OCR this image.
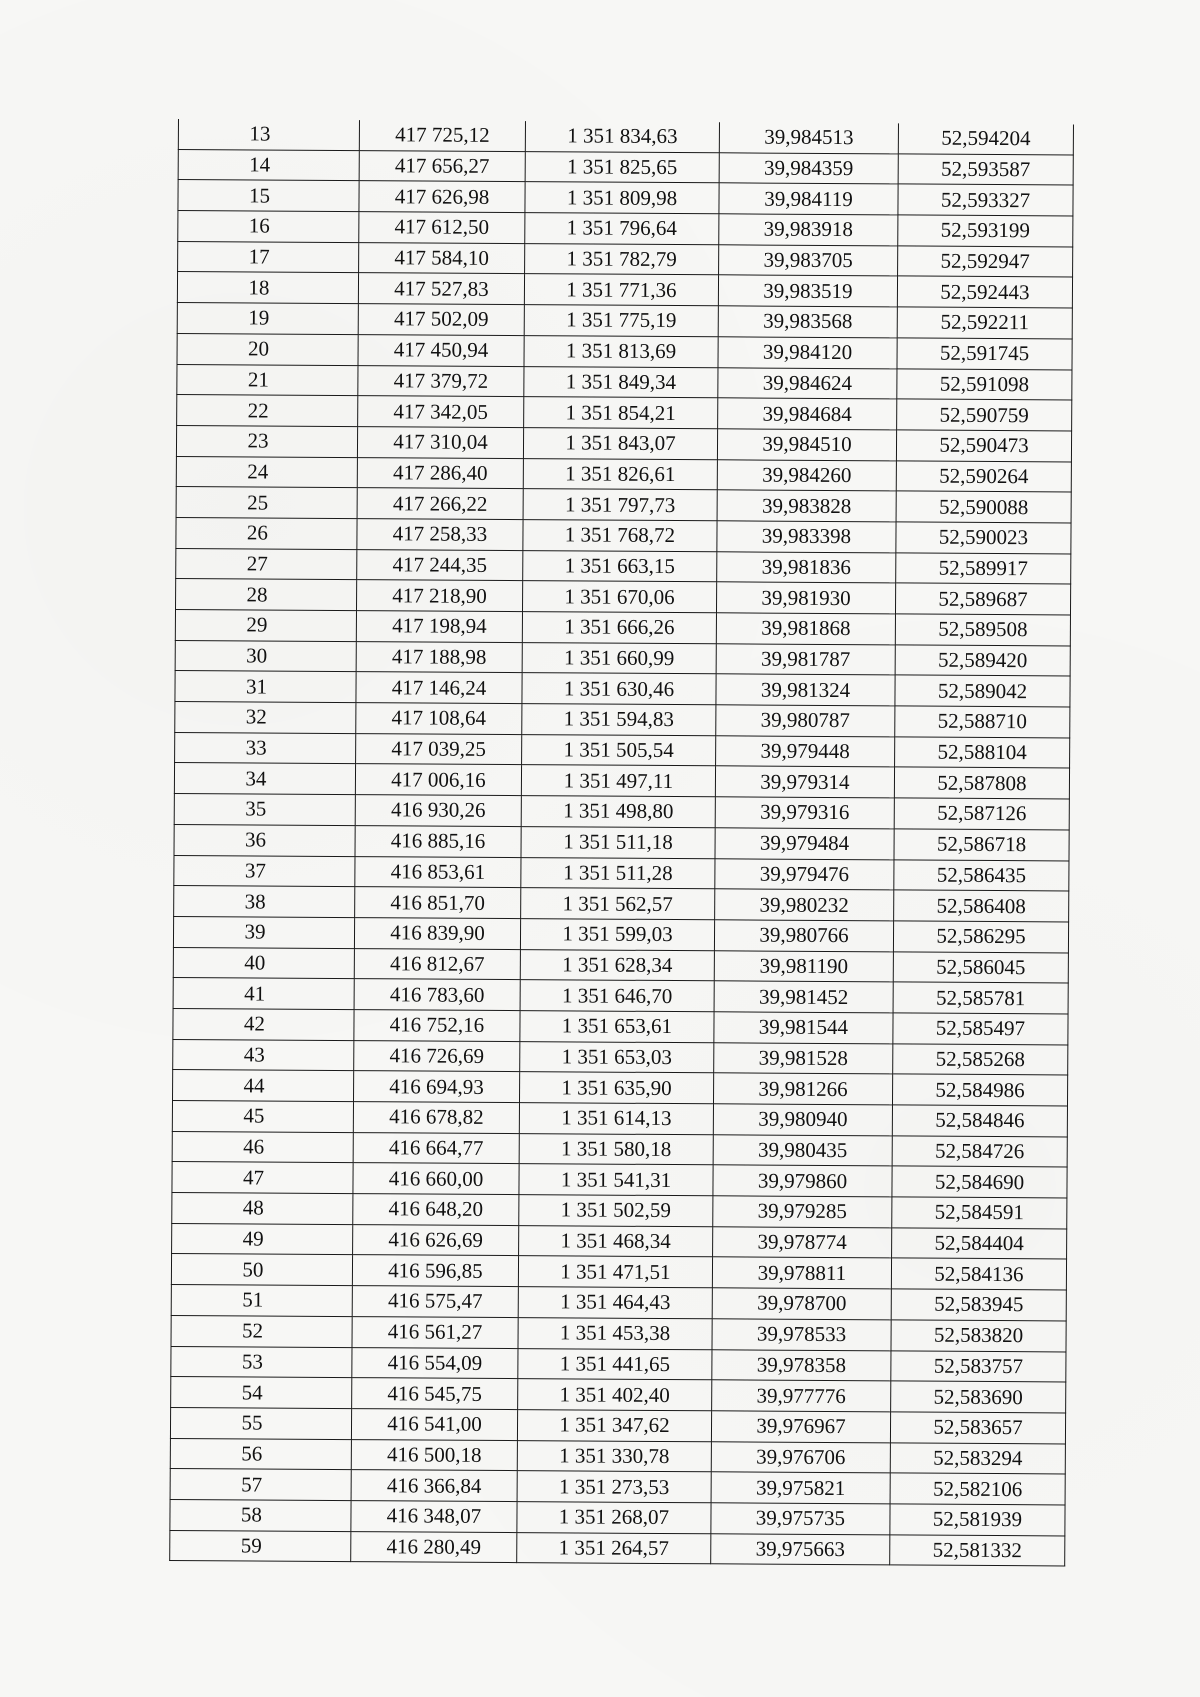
13	417 725,12	1 351 834,63	39,984513	52,594204
14	417 656,27	1 351 825,65	39,984359	52,593587
15	417 626,98	1 351 809,98	39,984119	52,593327
16	417 612,50	1 351 796,64	39,983918	52,593199
17	417 584,10	1 351 782,79	39,983705	52,592947
18	417 527,83	1 351 771,36	39,983519	52,592443
19	417 502,09	1 351 775,19	39,983568	52,592211
20	417 450,94	1 351 813,69	39,984120	52,591745
21	417 379,72	1 351 849,34	39,984624	52,591098
22	417 342,05	1 351 854,21	39,984684	52,590759
23	417 310,04	1 351 843,07	39,984510	52,590473
24	417 286,40	1 351 826,61	39,984260	52,590264
25	417 266,22	1 351 797,73	39,983828	52,590088
26	417 258,33	1 351 768,72	39,983398	52,590023
27	417 244,35	1 351 663,15	39,981836	52,589917
28	417 218,90	1 351 670,06	39,981930	52,589687
29	417 198,94	1 351 666,26	39,981868	52,589508
30	417 188,98	1 351 660,99	39,981787	52,589420
31	417 146,24	1 351 630,46	39,981324	52,589042
32	417 108,64	1 351 594,83	39,980787	52,588710
33	417 039,25	1 351 505,54	39,979448	52,588104
34	417 006,16	1 351 497,11	39,979314	52,587808
35	416 930,26	1 351 498,80	39,979316	52,587126
36	416 885,16	1 351 511,18	39,979484	52,586718
37	416 853,61	1 351 511,28	39,979476	52,586435
38	416 851,70	1 351 562,57	39,980232	52,586408
39	416 839,90	1 351 599,03	39,980766	52,586295
40	416 812,67	1 351 628,34	39,981190	52,586045
41	416 783,60	1 351 646,70	39,981452	52,585781
42	416 752,16	1 351 653,61	39,981544	52,585497
43	416 726,69	1 351 653,03	39,981528	52,585268
44	416 694,93	1 351 635,90	39,981266	52,584986
45	416 678,82	1 351 614,13	39,980940	52,584846
46	416 664,77	1 351 580,18	39,980435	52,584726
47	416 660,00	1 351 541,31	39,979860	52,584690
48	416 648,20	1 351 502,59	39,979285	52,584591
49	416 626,69	1 351 468,34	39,978774	52,584404
50	416 596,85	1 351 471,51	39,978811	52,584136
51	416 575,47	1 351 464,43	39,978700	52,583945
52	416 561,27	1 351 453,38	39,978533	52,583820
53	416 554,09	1 351 441,65	39,978358	52,583757
54	416 545,75	1 351 402,40	39,977776	52,583690
55	416 541,00	1 351 347,62	39,976967	52,583657
56	416 500,18	1 351 330,78	39,976706	52,583294
57	416 366,84	1 351 273,53	39,975821	52,582106
58	416 348,07	1 351 268,07	39,975735	52,581939
59	416 280,49	1 351 264,57	39,975663	52,581332
